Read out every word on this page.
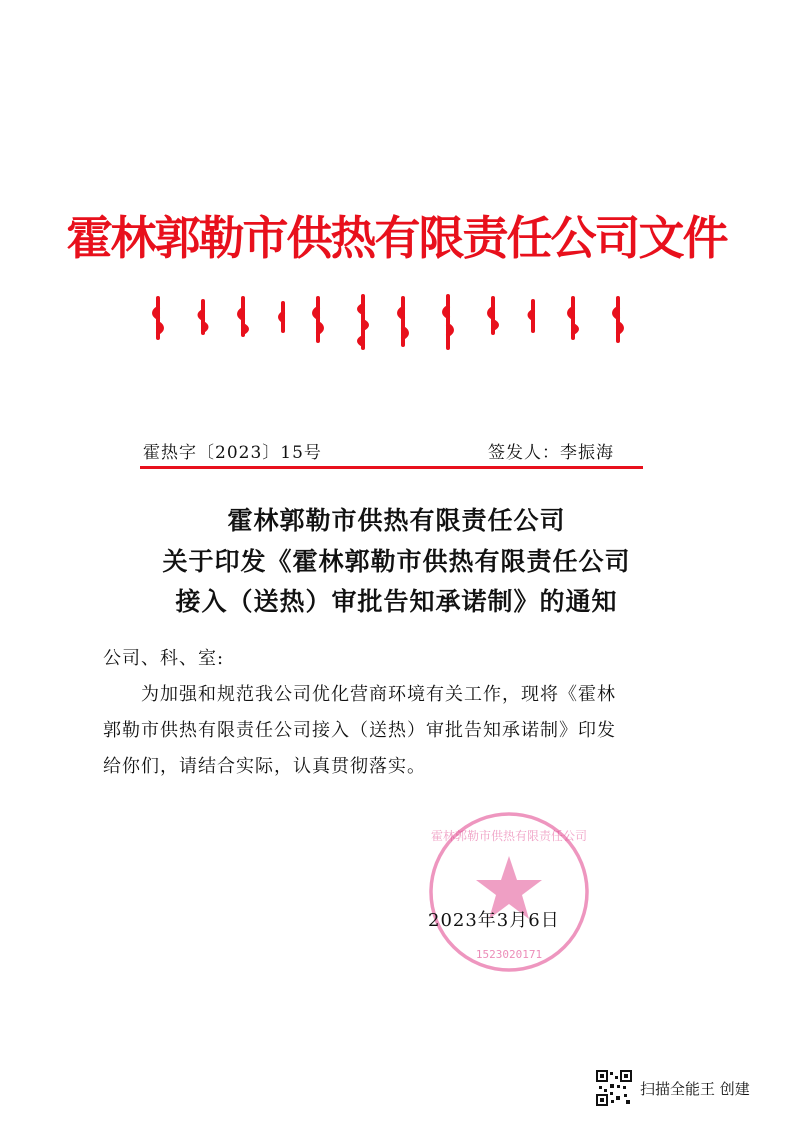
霍林郭勒市供热有限责任公司文件
霍热字〔2023〕15号	签发人：李振海
霍林郭勒市供热有限责任公司
关于印发《霍林郭勒市供热有限责任公司
接入（送热）审批告知承诺制》的通知
公司、科、室:
为加强和规范我公司优化营商环境有关工作，现将《霍林
郭勒市供热有限责任公司接入（送热）审批告知承诺制》印发
给你们，请结合实际，认真贯彻落实。
1523020171
霍林郭勒市供热有限责任公司
2023年3月6日
扫描全能王 创建
